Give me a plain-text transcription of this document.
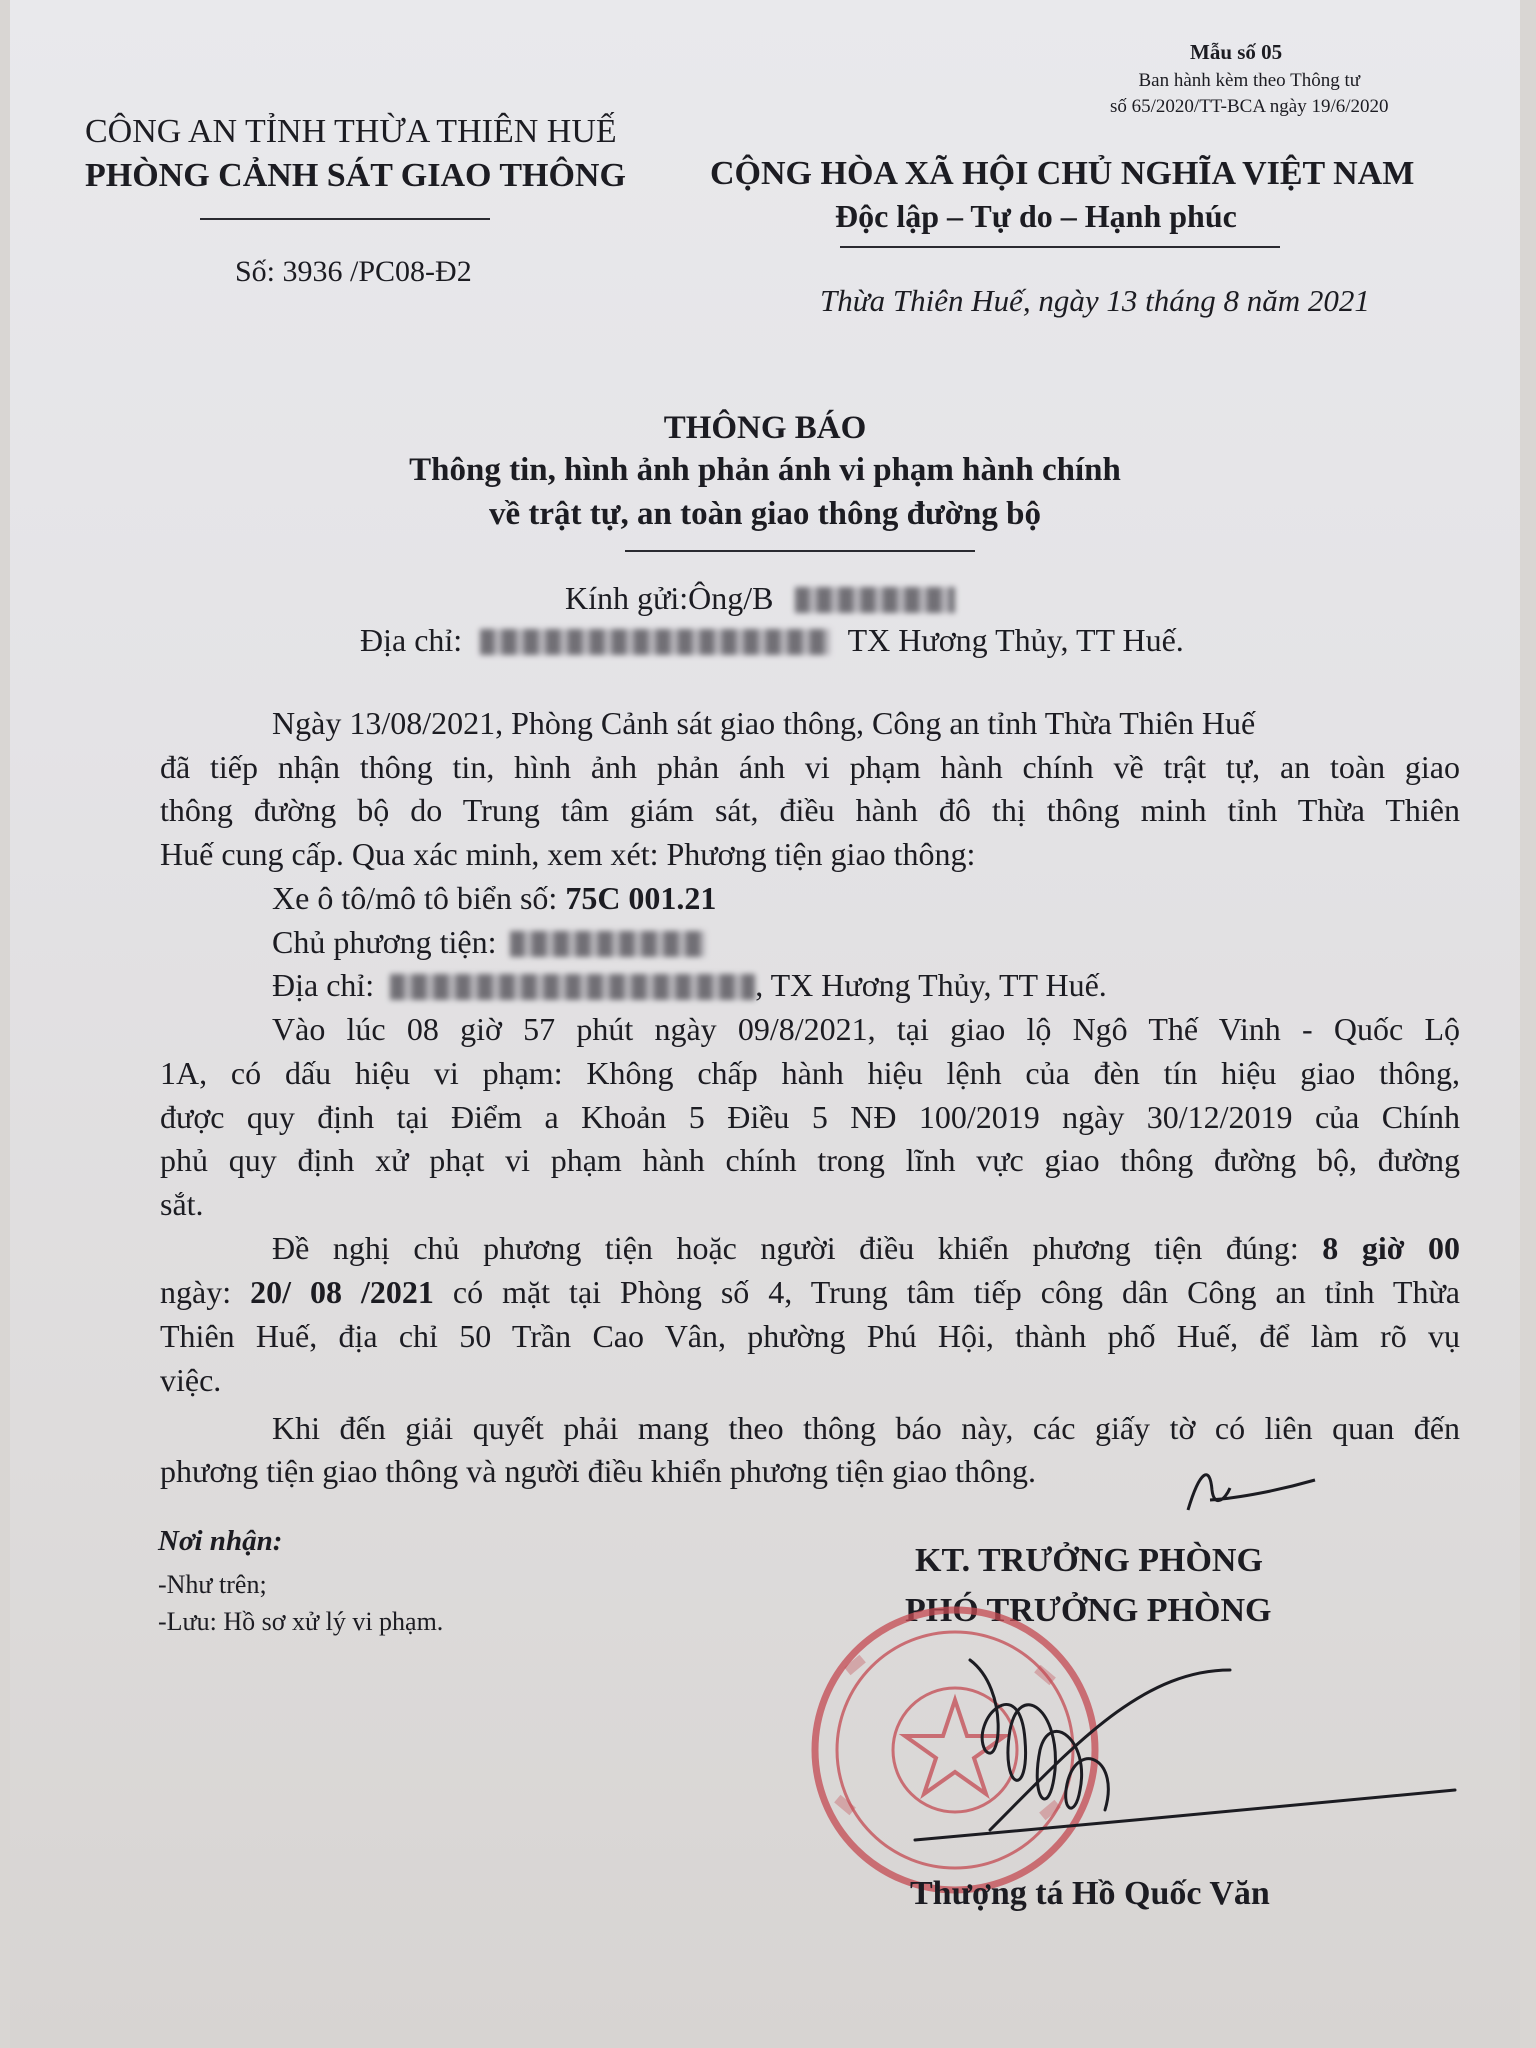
Mẫu số 05
Ban hành kèm theo Thông tư
số 65/2020/TT-BCA ngày 19/6/2020
CÔNG AN TỈNH THỪA THIÊN HUẾ
PHÒNG CẢNH SÁT GIAO THÔNG
Số: 3936 /PC08-Đ2
CỘNG HÒA XÃ HỘI CHỦ NGHĨA VIỆT NAM
Độc lập – Tự do – Hạnh phúc
Thừa Thiên Huế, ngày 13 tháng 8 năm 2021
THÔNG BÁO
Thông tin, hình ảnh phản ánh vi phạm hành chính
về trật tự, an toàn giao thông đường bộ
Kính gửi:Ông/B
Địa chỉ:	TX Hương Thủy, TT Huế.
Ngày 13/08/2021, Phòng Cảnh sát giao thông, Công an tỉnh Thừa Thiên Huế
đã tiếp nhận thông tin, hình ảnh phản ánh vi phạm hành chính về trật tự, an toàn giao
thông đường bộ do Trung tâm giám sát, điều hành đô thị thông minh tỉnh Thừa Thiên
Huế cung cấp. Qua xác minh, xem xét: Phương tiện giao thông:
Xe ô tô/mô tô biển số: 75C 001.21
Chủ phương tiện:
Địa chỉ:	, TX Hương Thủy, TT Huế.
Vào lúc 08 giờ 57 phút ngày 09/8/2021, tại giao lộ Ngô Thế Vinh - Quốc Lộ
1A, có dấu hiệu vi phạm: Không chấp hành hiệu lệnh của đèn tín hiệu giao thông,
được quy định tại Điểm a Khoản 5 Điều 5 NĐ 100/2019 ngày 30/12/2019 của Chính
phủ quy định xử phạt vi phạm hành chính trong lĩnh vực giao thông đường bộ, đường
sắt.
Đề nghị chủ phương tiện hoặc người điều khiển phương tiện đúng: 8 giờ 00
ngày: 20/ 08 /2021 có mặt tại Phòng số 4, Trung tâm tiếp công dân Công an tỉnh Thừa
Thiên Huế, địa chỉ 50 Trần Cao Vân, phường Phú Hội, thành phố Huế, để làm rõ vụ
việc.
Khi đến giải quyết phải mang theo thông báo này, các giấy tờ có liên quan đến
phương tiện giao thông và người điều khiển phương tiện giao thông.
Nơi nhận:
-Như trên;
-Lưu: Hồ sơ xử lý vi phạm.
KT. TRƯỞNG PHÒNG
PHÓ TRƯỞNG PHÒNG
Thượng tá Hồ Quốc Văn
